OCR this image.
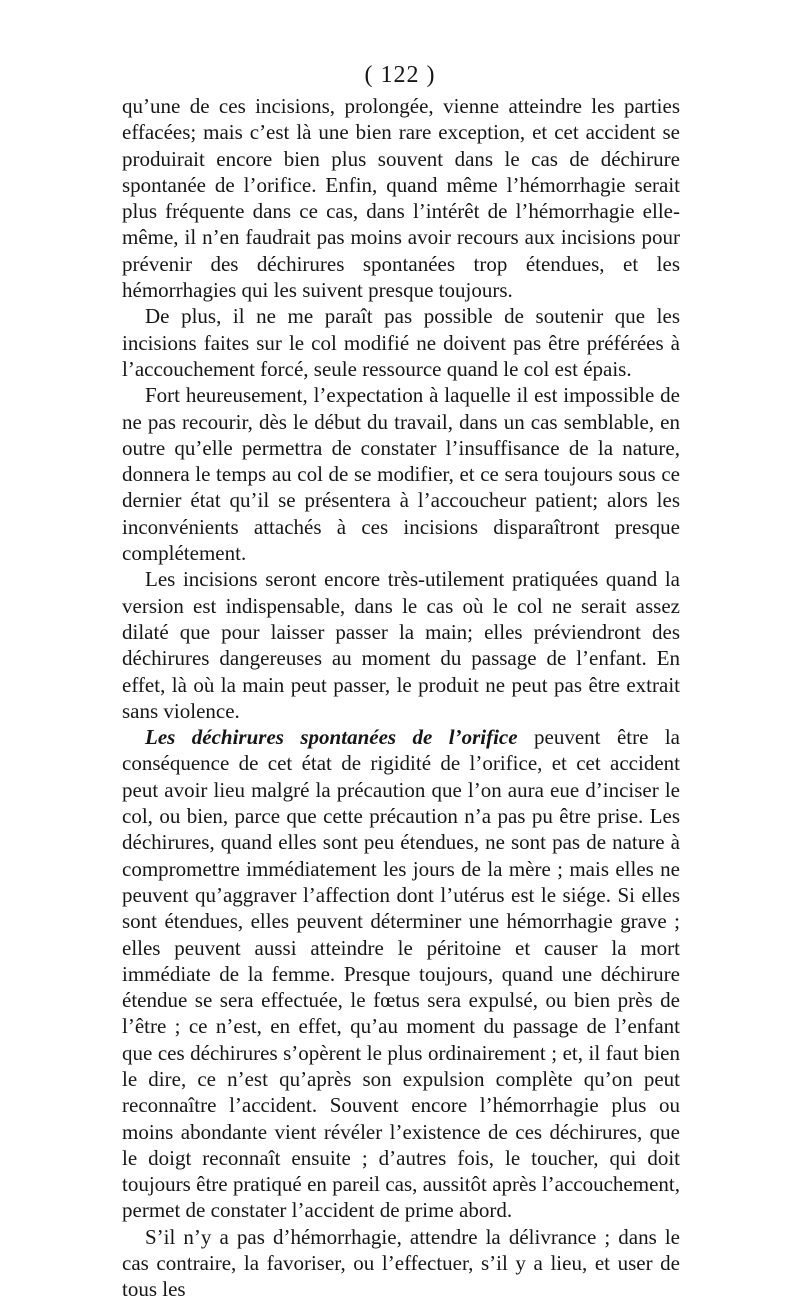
( 122 )

qu’une de ces incisions, prolongée, vienne atteindre les parties effacées; mais c’est là une bien rare exception, et cet accident se produirait encore bien plus souvent dans le cas de déchirure spontanée de l’orifice. Enfin, quand même l’hémorrhagie serait plus fréquente dans ce cas, dans l’intérêt de l’hémorrhagie elle-même, il n’en faudrait pas moins avoir recours aux incisions pour prévenir des déchirures spontanées trop étendues, et les hémorrhagies qui les suivent presque toujours.

De plus, il ne me paraît pas possible de soutenir que les incisions faites sur le col modifié ne doivent pas être préférées à l’accouchement forcé, seule ressource quand le col est épais.

Fort heureusement, l’expectation à laquelle il est impossible de ne pas recourir, dès le début du travail, dans un cas semblable, en outre qu’elle permettra de constater l’insuffisance de la nature, donnera le temps au col de se modifier, et ce sera toujours sous ce dernier état qu’il se présentera à l’accoucheur patient; alors les inconvénients attachés à ces incisions disparaîtront presque complétement.

Les incisions seront encore très-utilement pratiquées quand la version est indispensable, dans le cas où le col ne serait assez dilaté que pour laisser passer la main; elles préviendront des déchirures dangereuses au moment du passage de l’enfant. En effet, là où la main peut passer, le produit ne peut pas être extrait sans violence.

Les déchirures spontanées de l’orifice peuvent être la conséquence de cet état de rigidité de l’orifice, et cet accident peut avoir lieu malgré la précaution que l’on aura eue d’inciser le col, ou bien, parce que cette précaution n’a pas pu être prise. Les déchirures, quand elles sont peu étendues, ne sont pas de nature à compromettre immédiatement les jours de la mère ; mais elles ne peuvent qu’aggraver l’affection dont l’utérus est le siége. Si elles sont étendues, elles peuvent déterminer une hémorrhagie grave ; elles peuvent aussi atteindre le péritoine et causer la mort immédiate de la femme. Presque toujours, quand une déchirure étendue se sera effectuée, le fœtus sera expulsé, ou bien près de l’être ; ce n’est, en effet, qu’au moment du passage de l’enfant que ces déchirures s’opèrent le plus ordinairement ; et, il faut bien le dire, ce n’est qu’après son expulsion complète qu’on peut reconnaître l’accident. Souvent encore l’hémorrhagie plus ou moins abondante vient révéler l’existence de ces déchirures, que le doigt reconnaît ensuite ; d’autres fois, le toucher, qui doit toujours être pratiqué en pareil cas, aussitôt après l’accouchement, permet de constater l’accident de prime abord.

S’il n’y a pas d’hémorrhagie, attendre la délivrance ; dans le cas contraire, la favoriser, ou l’effectuer, s’il y a lieu, et user de tous les
